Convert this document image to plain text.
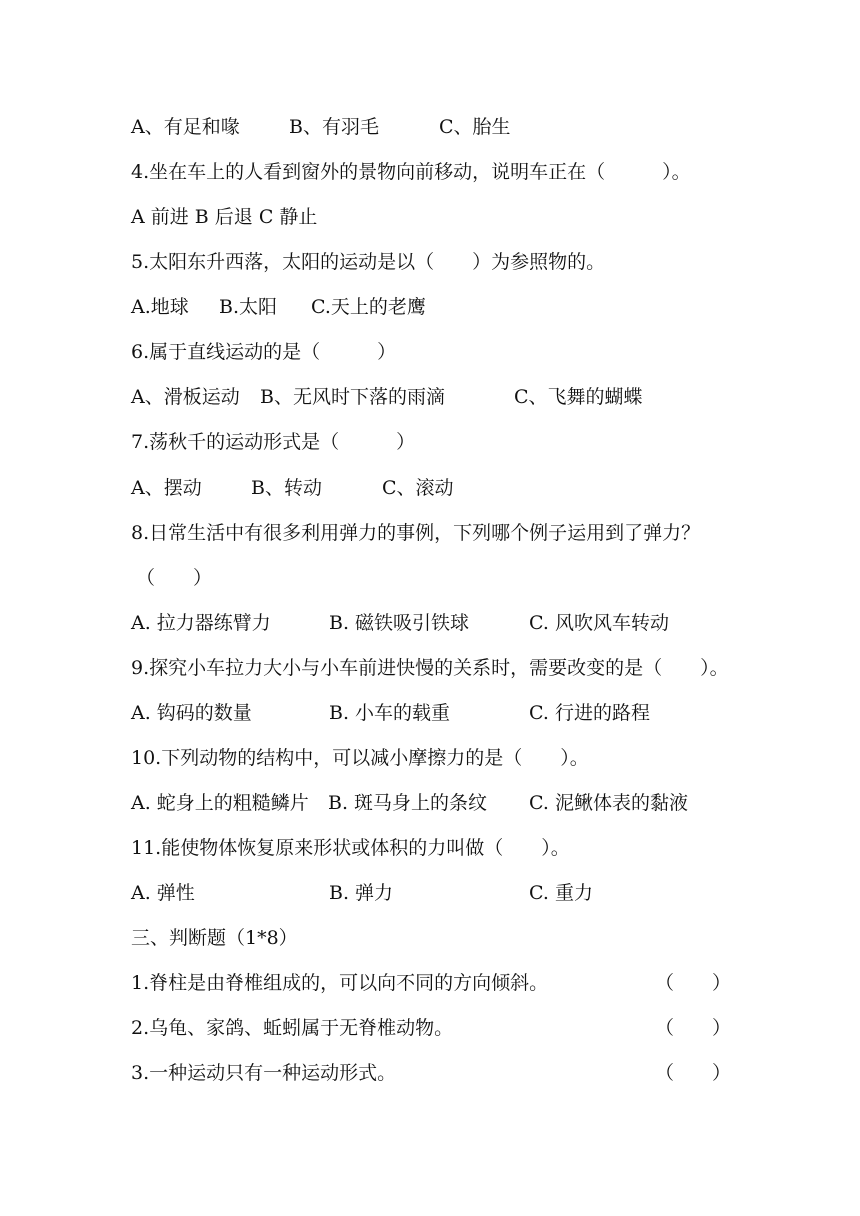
A、有足和喙	B、有羽毛	C、胎生

4.坐在车上的人看到窗外的景物向前移动，说明车正在（　　　）。

A 前进 B 后退 C 静止

5.太阳东升西落，太阳的运动是以（　　）为参照物的。

A.地球 B.太阳 C.天上的老鹰

6.属于直线运动的是（　　　）

A、滑板运动 B、无风时下落的雨滴	C、飞舞的蝴蝶

7.荡秋千的运动形式是（　　　）

A、摆动	B、转动	C、滚动

8.日常生活中有很多利用弹力的事例，下列哪个例子运用到了弹力？

（　　）

A. 拉力器练臂力	B. 磁铁吸引铁球	C. 风吹风车转动

9.探究小车拉力大小与小车前进快慢的关系时，需要改变的是（　　）。

A. 钩码的数量	B. 小车的载重	C. 行进的路程

10.下列动物的结构中，可以减小摩擦力的是（　　）。

A. 蛇身上的粗糙鳞片 B. 斑马身上的条纹 C. 泥鳅体表的黏液

11.能使物体恢复原来形状或体积的力叫做（　　）。

A. 弹性	B. 弹力	C. 重力

三、判断题（1*8）

1.脊柱是由脊椎组成的，可以向不同的方向倾斜。	（　　）

2.乌龟、家鸽、蚯蚓属于无脊椎动物。	（　　）

3.一种运动只有一种运动形式。	（　　）
